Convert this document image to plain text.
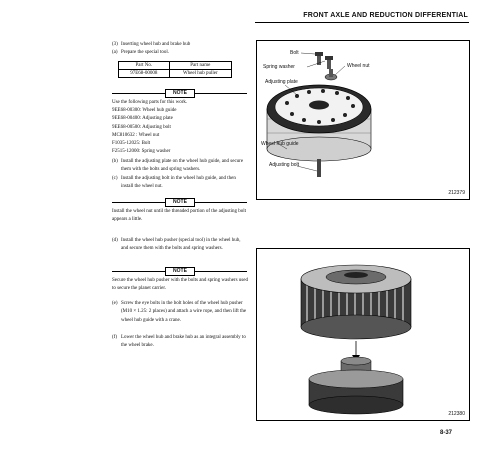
FRONT AXLE AND REDUCTION DIFFERENTIAL
(3) Inserting wheel hub and brake hub
(a) Prepare the special tool.
Part No.	Part name
97E68-00008	Wheel hub puller
NOTE
Use the following parts for this work.
9EE68-00300: Wheel hub guide
9EE68-00400: Adjusting plate
9EE68-00500: Adjusting bolt
MC810632 : Wheel nut
F1035-12025: Bolt
F2515-12000: Spring washer
(b) Install the adjusting plate on the wheel hub guide, and secure them with the bolts and spring washers.
(c) Install the adjusting bolt in the wheel hub guide, and then install the wheel nut.
NOTE
Install the wheel nut until the threaded portion of the adjusting bolt appears a little.
(d) Install the wheel hub pusher (special tool) in the wheel hub, and secure them with the bolts and spring washers.
NOTE
Secure the wheel hub pusher with the bolts and spring washers used to secure the planet carrier.
(e) Screw the eye bolts in the bolt holes of the wheel hub pusher (M10 × 1.25: 2 places) and attach a wire rope, and then lift the wheel hub guide with a crane.
(f) Lower the wheel hub and brake hub as an integral assembly to the wheel brake.
Bolt
Spring washer	Wheel nut
Adjusting plate
Wheel hub guide
Adjusting bolt
212379
212380
8-37
